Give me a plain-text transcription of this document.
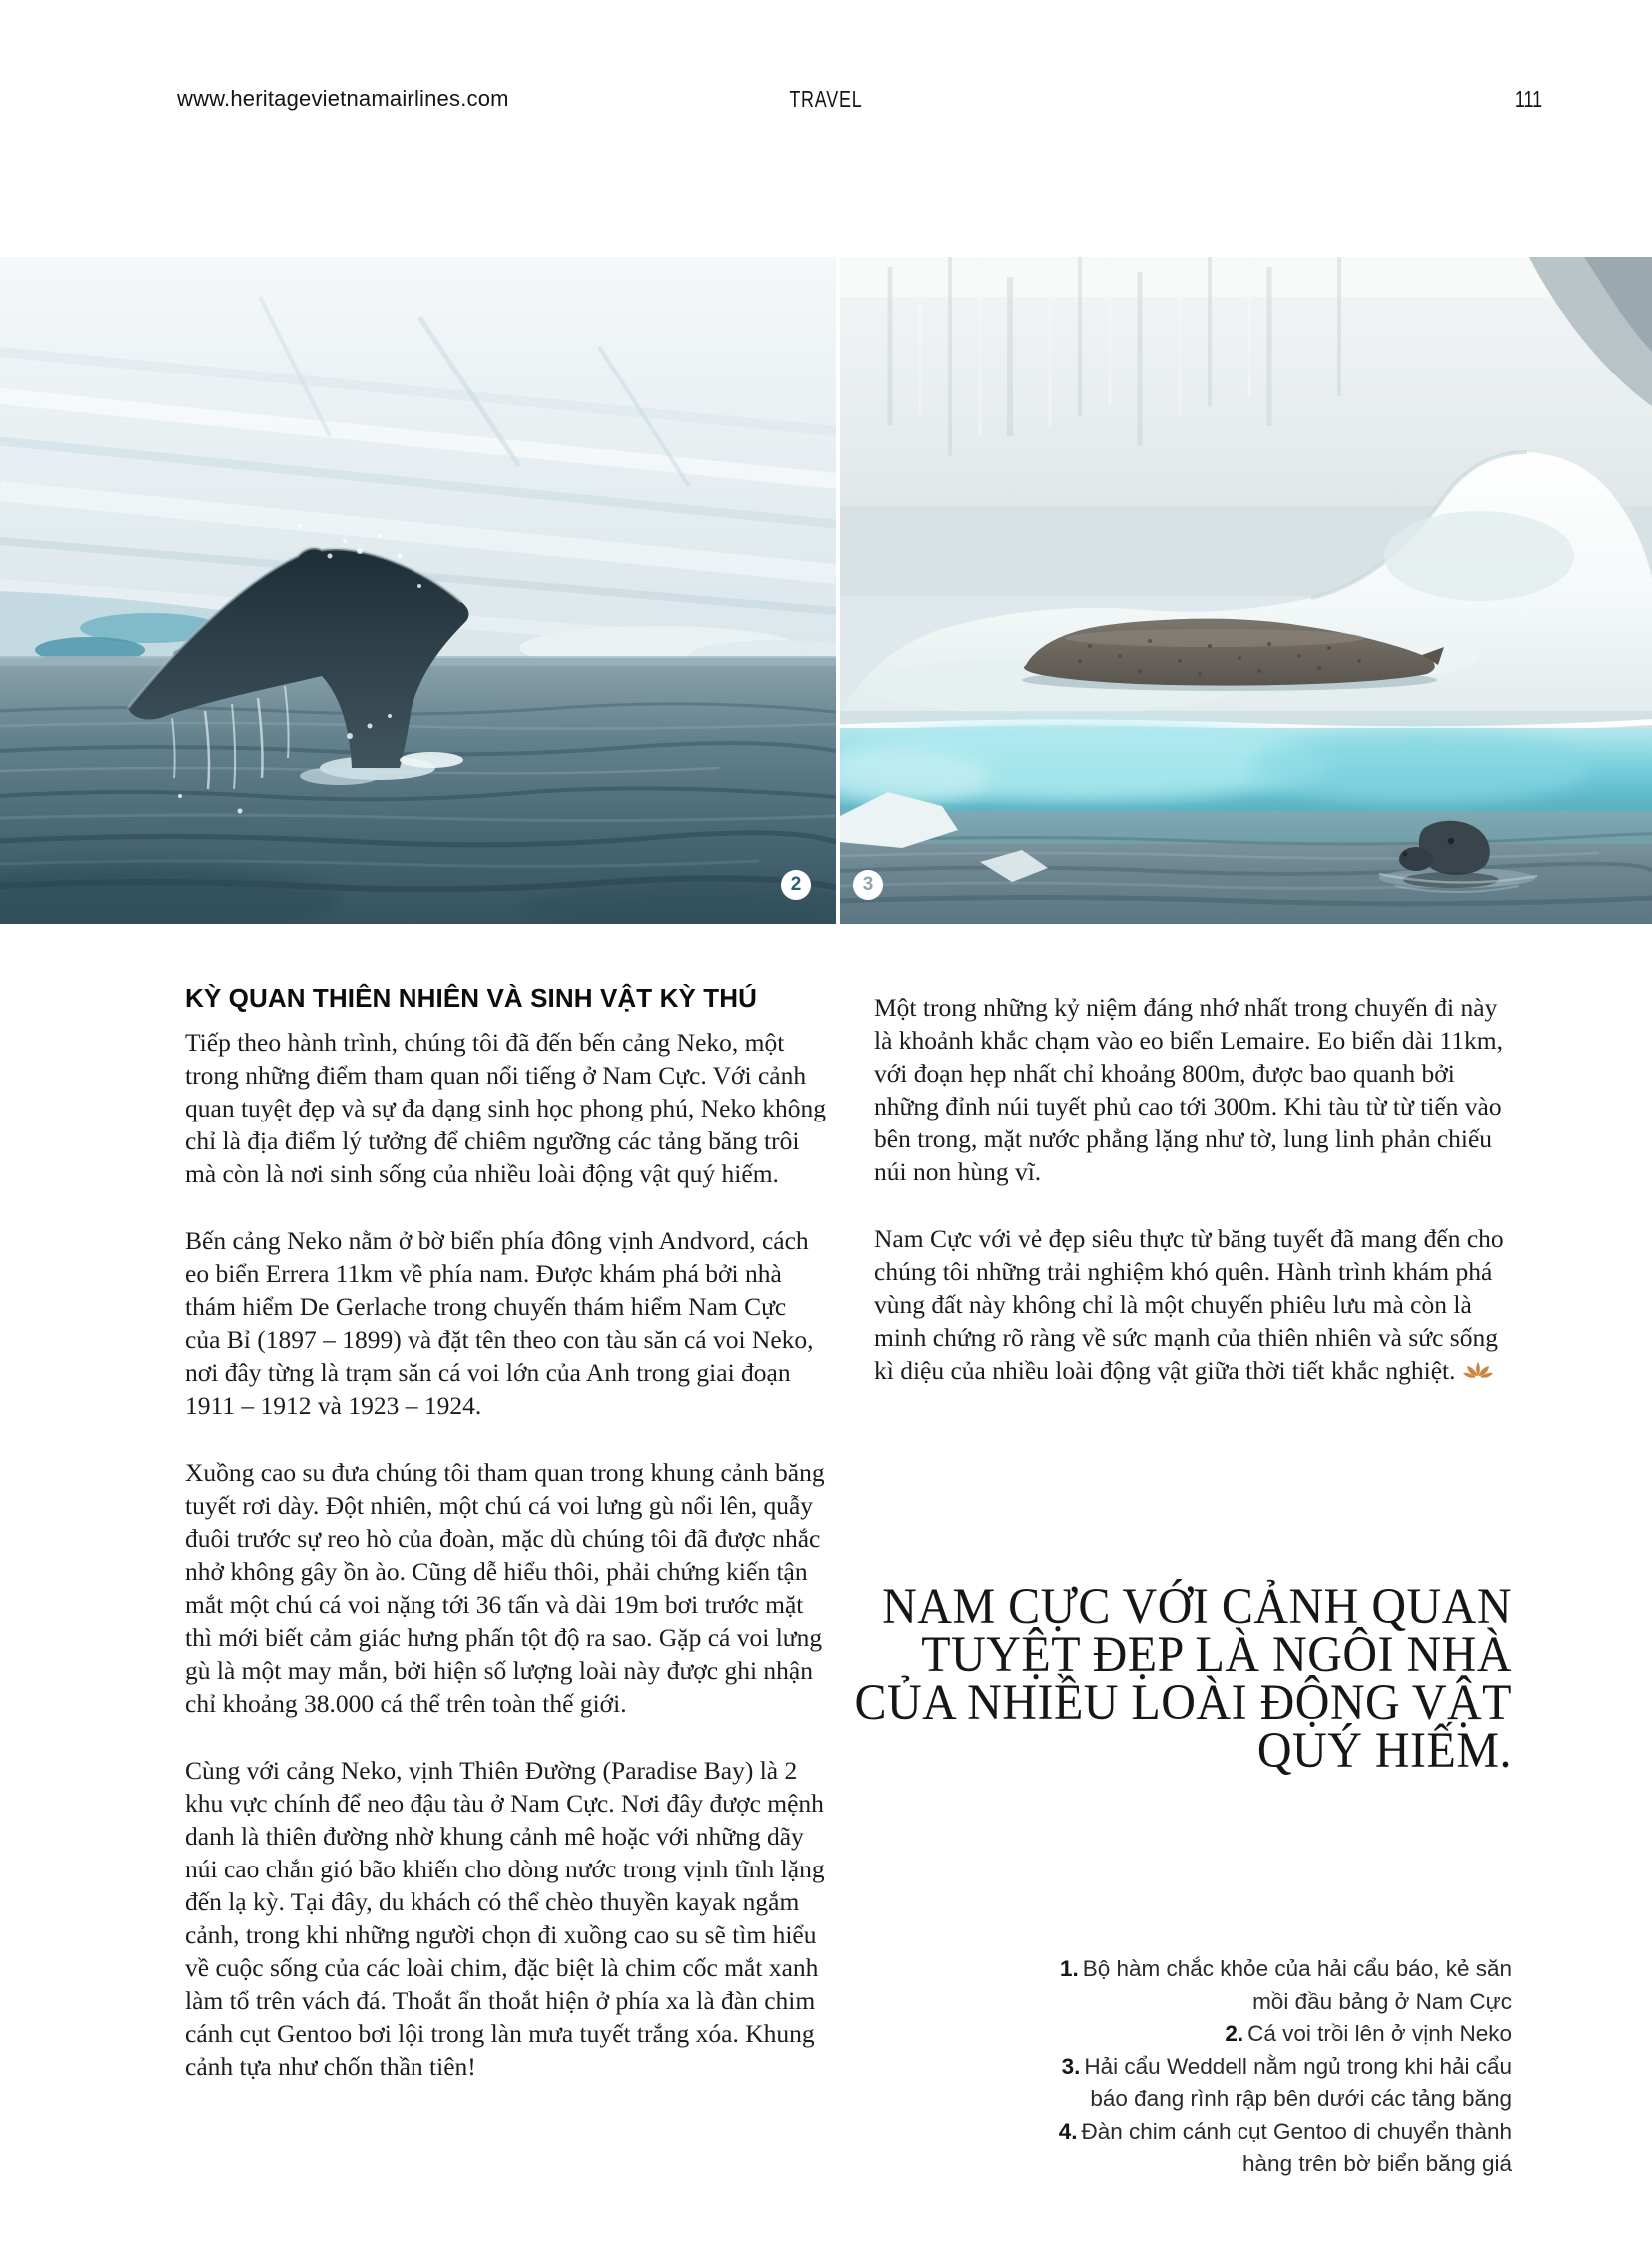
www.heritagevietnamairlines.com	TRAVEL	111
2	3
KỲ QUAN THIÊN NHIÊN VÀ SINH VẬT KỲ THÚ

Tiếp theo hành trình, chúng tôi đã đến bến cảng Neko, một trong những điểm tham quan nổi tiếng ở Nam Cực. Với cảnh quan tuyệt đẹp và sự đa dạng sinh học phong phú, Neko không chỉ là địa điểm lý tưởng để chiêm ngưỡng các tảng băng trôi mà còn là nơi sinh sống của nhiều loài động vật quý hiếm.

Bến cảng Neko nằm ở bờ biển phía đông vịnh Andvord, cách eo biển Errera 11km về phía nam. Được khám phá bởi nhà thám hiểm De Gerlache trong chuyến thám hiểm Nam Cực của Bỉ (1897 – 1899) và đặt tên theo con tàu săn cá voi Neko, nơi đây từng là trạm săn cá voi lớn của Anh trong giai đoạn 1911 – 1912 và 1923 – 1924.

Xuồng cao su đưa chúng tôi tham quan trong khung cảnh băng tuyết rơi dày. Đột nhiên, một chú cá voi lưng gù nổi lên, quẫy đuôi trước sự reo hò của đoàn, mặc dù chúng tôi đã được nhắc nhở không gây ồn ào. Cũng dễ hiểu thôi, phải chứng kiến tận mắt một chú cá voi nặng tới 36 tấn và dài 19m bơi trước mặt thì mới biết cảm giác hưng phấn tột độ ra sao. Gặp cá voi lưng gù là một may mắn, bởi hiện số lượng loài này được ghi nhận chỉ khoảng 38.000 cá thể trên toàn thế giới.

Cùng với cảng Neko, vịnh Thiên Đường (Paradise Bay) là 2 khu vực chính để neo đậu tàu ở Nam Cực. Nơi đây được mệnh danh là thiên đường nhờ khung cảnh mê hoặc với những dãy núi cao chắn gió bão khiến cho dòng nước trong vịnh tĩnh lặng đến lạ kỳ. Tại đây, du khách có thể chèo thuyền kayak ngắm cảnh, trong khi những người chọn đi xuồng cao su sẽ tìm hiểu về cuộc sống của các loài chim, đặc biệt là chim cốc mắt xanh làm tổ trên vách đá. Thoắt ẩn thoắt hiện ở phía xa là đàn chim cánh cụt Gentoo bơi lội trong làn mưa tuyết trắng xóa. Khung cảnh tựa như chốn thần tiên!

Một trong những kỷ niệm đáng nhớ nhất trong chuyến đi này là khoảnh khắc chạm vào eo biển Lemaire. Eo biển dài 11km, với đoạn hẹp nhất chỉ khoảng 800m, được bao quanh bởi những đỉnh núi tuyết phủ cao tới 300m. Khi tàu từ từ tiến vào bên trong, mặt nước phẳng lặng như tờ, lung linh phản chiếu núi non hùng vĩ.

Nam Cực với vẻ đẹp siêu thực từ băng tuyết đã mang đến cho chúng tôi những trải nghiệm khó quên. Hành trình khám phá vùng đất này không chỉ là một chuyến phiêu lưu mà còn là minh chứng rõ ràng về sức mạnh của thiên nhiên và sức sống kì diệu của nhiều loài động vật giữa thời tiết khắc nghiệt.

NAM CỰC VỚI CẢNH QUAN
TUYỆT ĐẸP LÀ NGÔI NHÀ
CỦA NHIỀU LOÀI ĐỘNG VẬT
QUÝ HIẾM.
1. Bộ hàm chắc khỏe của hải cẩu báo, kẻ săn mồi đầu bảng ở Nam Cực
2. Cá voi trồi lên ở vịnh Neko
3. Hải cẩu Weddell nằm ngủ trong khi hải cẩu báo đang rình rập bên dưới các tảng băng
4. Đàn chim cánh cụt Gentoo di chuyển thành hàng trên bờ biển băng giá
